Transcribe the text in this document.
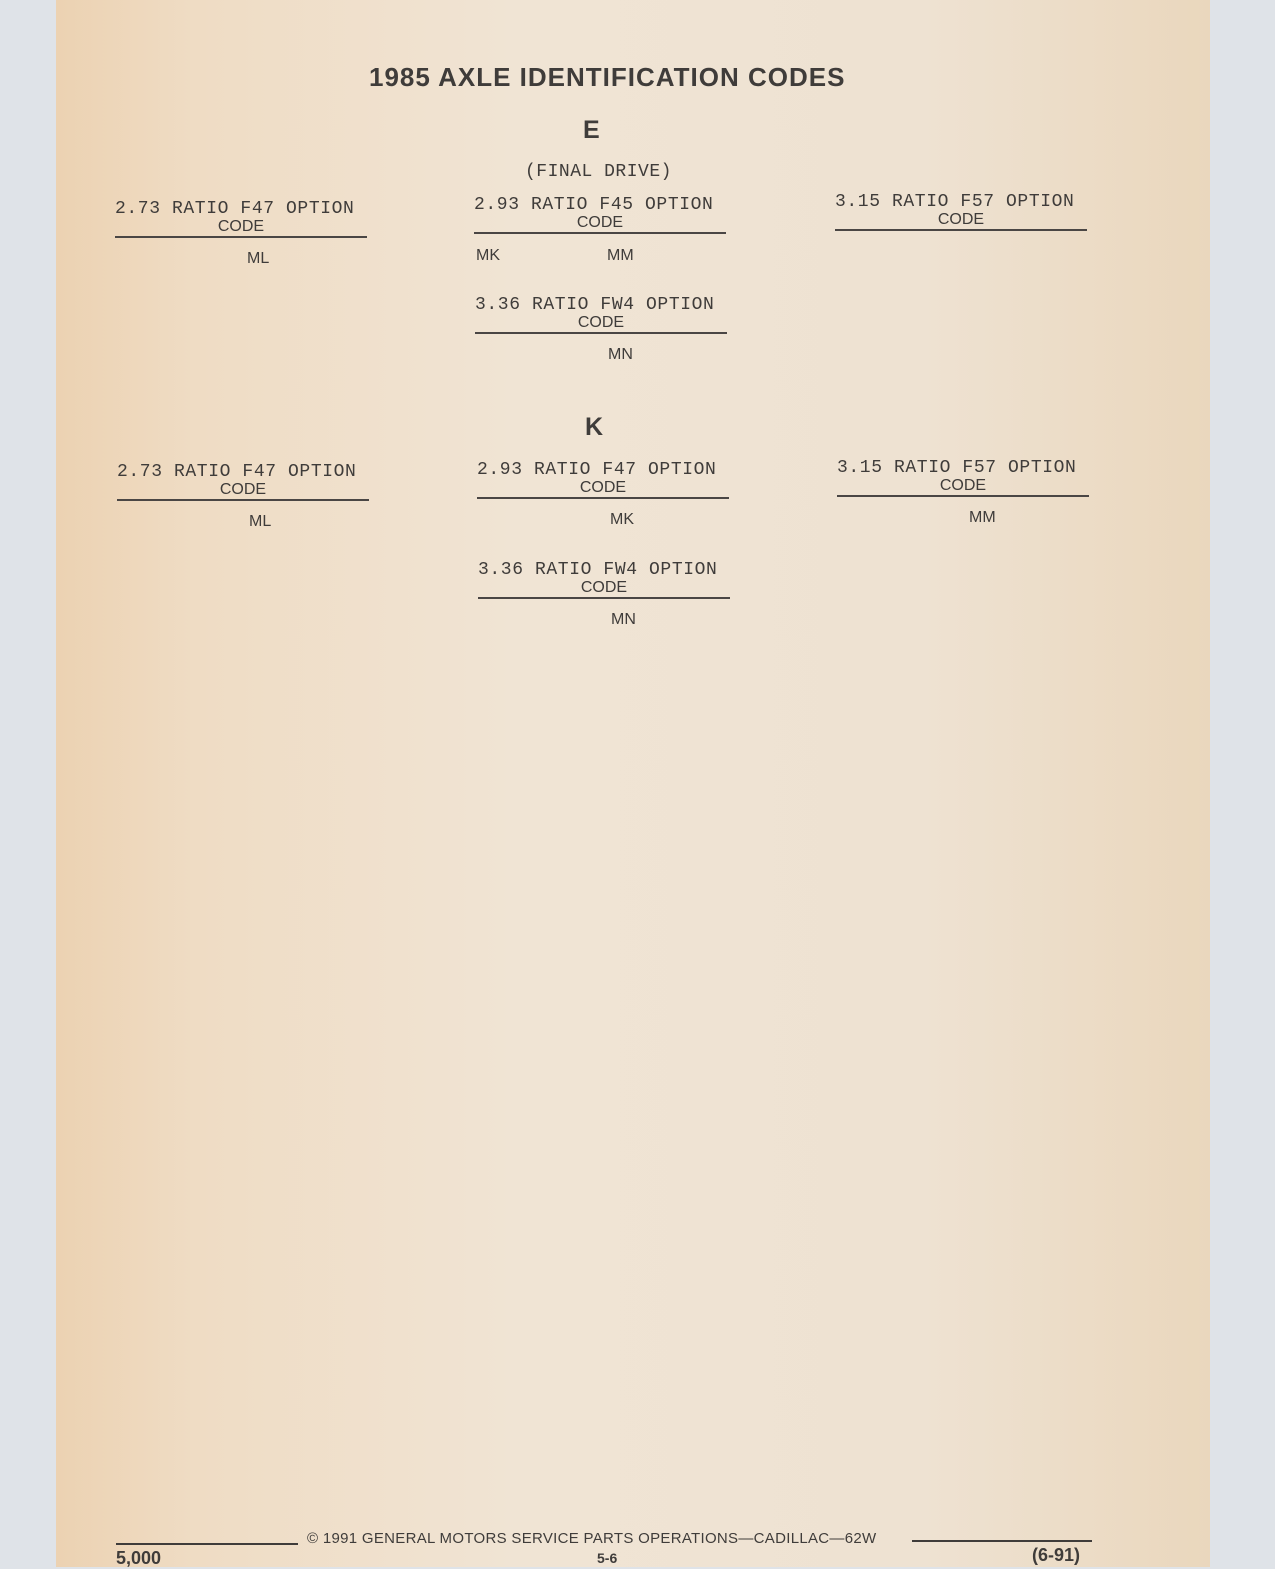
1985 AXLE IDENTIFICATION CODES
E
(FINAL DRIVE)
2.73 RATIO F47 OPTION
CODE
ML
2.93 RATIO F45 OPTION
CODE
MK	MM
3.36 RATIO FW4 OPTION
CODE
MN
3.15 RATIO F57 OPTION
CODE
K
2.73 RATIO F47 OPTION
CODE
ML
2.93 RATIO F47 OPTION
CODE
MK
3.36 RATIO FW4 OPTION
CODE
MN
3.15 RATIO F57 OPTION
CODE
MM
© 1991 GENERAL MOTORS SERVICE PARTS OPERATIONS—CADILLAC—62W
5,000	5-6	(6-91)
